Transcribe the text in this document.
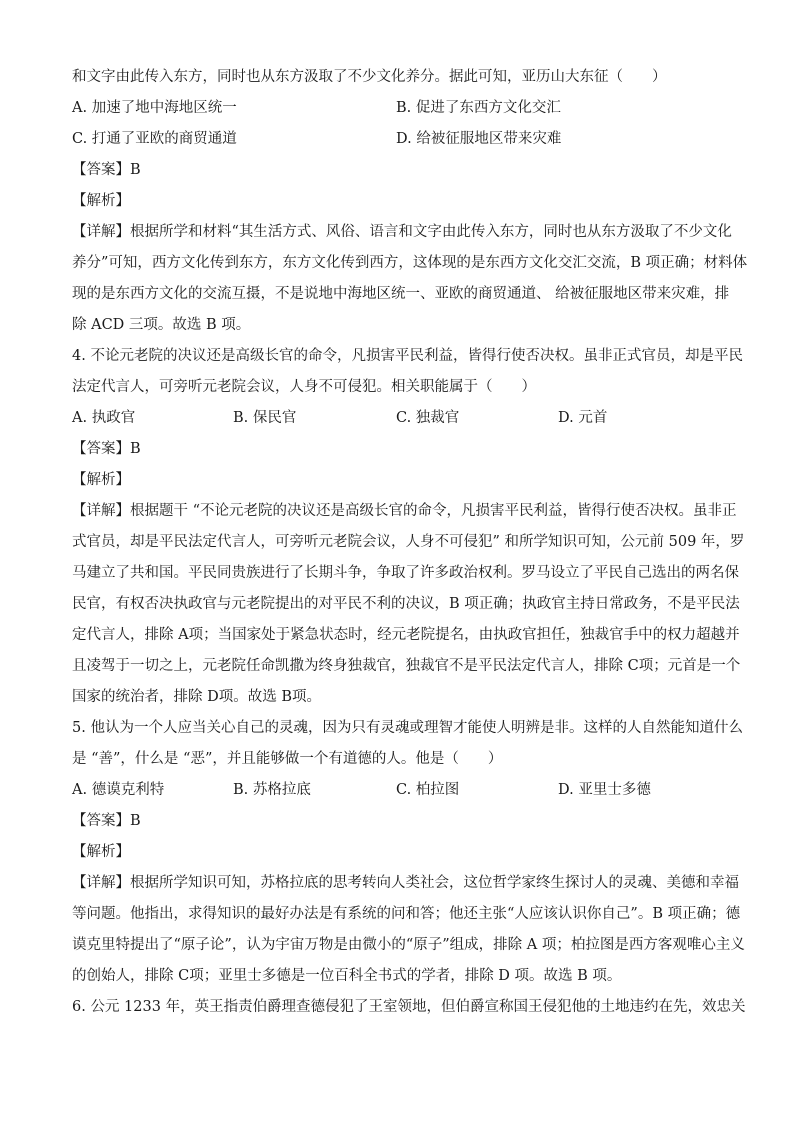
和文字由此传入东方，同时也从东方汲取了不少文化养分。据此可知，亚历山大东征（　　）
A. 加速了地中海地区统一	B. 促进了东西方文化交汇
C. 打通了亚欧的商贸通道	D. 给被征服地区带来灾难
【答案】B
【解析】
【详解】根据所学和材料“其生活方式、风俗、语言和文字由此传入东方，同时也从东方汲取了不少文化
养分”可知，西方文化传到东方，东方文化传到西方，这体现的是东西方文化交汇交流，B 项正确；材料体
现的是东西方文化的交流互摄，不是说地中海地区统一、亚欧的商贸通道、 给被征服地区带来灾难，排
除 ACD 三项。故选 B 项。
4. 不论元老院的决议还是高级长官的命令，凡损害平民利益，皆得行使否决权。虽非正式官员，却是平民
法定代言人，可旁听元老院会议，人身不可侵犯。相关职能属于（　　）
A. 执政官	B. 保民官	C. 独裁官	D. 元首
【答案】B
【解析】
【详解】根据题干 “不论元老院的决议还是高级长官的命令，凡损害平民利益，皆得行使否决权。虽非正
式官员，却是平民法定代言人，可旁听元老院会议，人身不可侵犯” 和所学知识可知，公元前 509 年，罗
马建立了共和国。平民同贵族进行了长期斗争，争取了许多政治权利。罗马设立了平民自己选出的两名保
民官，有权否决执政官与元老院提出的对平民不利的决议，B 项正确；执政官主持日常政务，不是平民法
定代言人，排除 A项；当国家处于紧急状态时，经元老院提名，由执政官担任，独裁官手中的权力超越并
且凌驾于一切之上，元老院任命凯撒为终身独裁官，独裁官不是平民法定代言人，排除 C项；元首是一个
国家的统治者，排除 D项。故选 B项。
5. 他认为一个人应当关心自己的灵魂，因为只有灵魂或理智才能使人明辨是非。这样的人自然能知道什么
是 “善”，什么是 “恶”，并且能够做一个有道德的人。他是（　　）
A. 德谟克利特	B. 苏格拉底	C. 柏拉图	D. 亚里士多德
【答案】B
【解析】
【详解】根据所学知识可知，苏格拉底的思考转向人类社会，这位哲学家终生探讨人的灵魂、美德和幸福
等问题。他指出，求得知识的最好办法是有系统的问和答；他还主张“人应该认识你自己”。B 项正确；德
谟克里特提出了“原子论”，认为宇宙万物是由微小的“原子”组成，排除 A 项；柏拉图是西方客观唯心主义
的创始人，排除 C项；亚里士多德是一位百科全书式的学者，排除 D 项。故选 B 项。
6. 公元 1233 年，英王指责伯爵理查德侵犯了王室领地，但伯爵宣称国王侵犯他的土地违约在先，效忠关
